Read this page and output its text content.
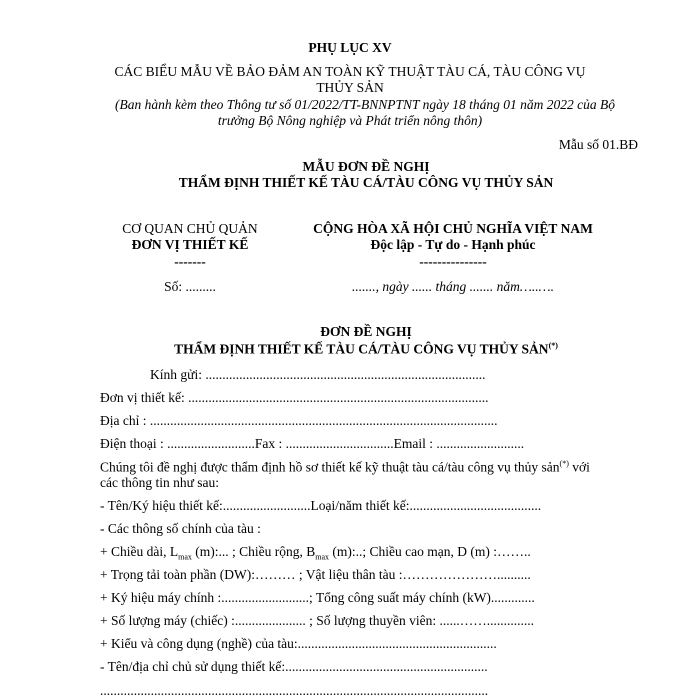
PHỤ LỤC XV
CÁC BIỂU MẪU VỀ BẢO ĐẢM AN TOÀN KỸ THUẬT TÀU CÁ, TÀU CÔNG VỤ
THỦY SẢN
(Ban hành kèm theo Thông tư số 01/2022/TT-BNNPTNT ngày 18 tháng 01 năm 2022 của Bộ
trưởng Bộ Nông nghiệp và Phát triển nông thôn)
Mẫu số 01.BĐ
MẪU ĐƠN ĐỀ NGHỊ
THẨM ĐỊNH THIẾT KẾ TÀU CÁ/TÀU CÔNG VỤ THỦY SẢN
CƠ QUAN CHỦ QUẢN
ĐƠN VỊ THIẾT KẾ
-------
Số: .........
CỘNG HÒA XÃ HỘI CHỦ NGHĨA VIỆT NAM
Độc lập - Tự do - Hạnh phúc
---------------
......., ngày ...... tháng ....... năm…..….
ĐƠN ĐỀ NGHỊ
THẨM ĐỊNH THIẾT KẾ TÀU CÁ/TÀU CÔNG VỤ THỦY SẢN(*)
Kính gửi: ...................................................................................
Đơn vị thiết kế: .........................................................................................
Địa chỉ : .......................................................................................................
Điện thoại : ..........................Fax : ................................Email : ..........................
Chúng tôi đề nghị được thẩm định hồ sơ thiết kế kỹ thuật tàu cá/tàu công vụ thủy sản(*) với
các thông tin như sau:
- Tên/Ký hiệu thiết kế:..........................Loại/năm thiết kế:.......................................
- Các thông số chính của tàu :
+ Chiều dài, $L_{max}$ (m):... ; Chiều rộng, $B_{max}$ (m):..; Chiều cao mạn, D (m) :……..
+ Trọng tải toàn phần (DW):……… ; Vật liệu thân tàu :…………………..........
+ Ký hiệu máy chính :..........................; Tổng công suất máy chính (kW).............
+ Số lượng máy (chiếc) :..................... ; Số lượng thuyền viên: ......……..............
+ Kiểu và công dụng (nghề) của tàu:...........................................................
- Tên/địa chỉ chủ sử dụng thiết kế:............................................................
...................................................................................................................
